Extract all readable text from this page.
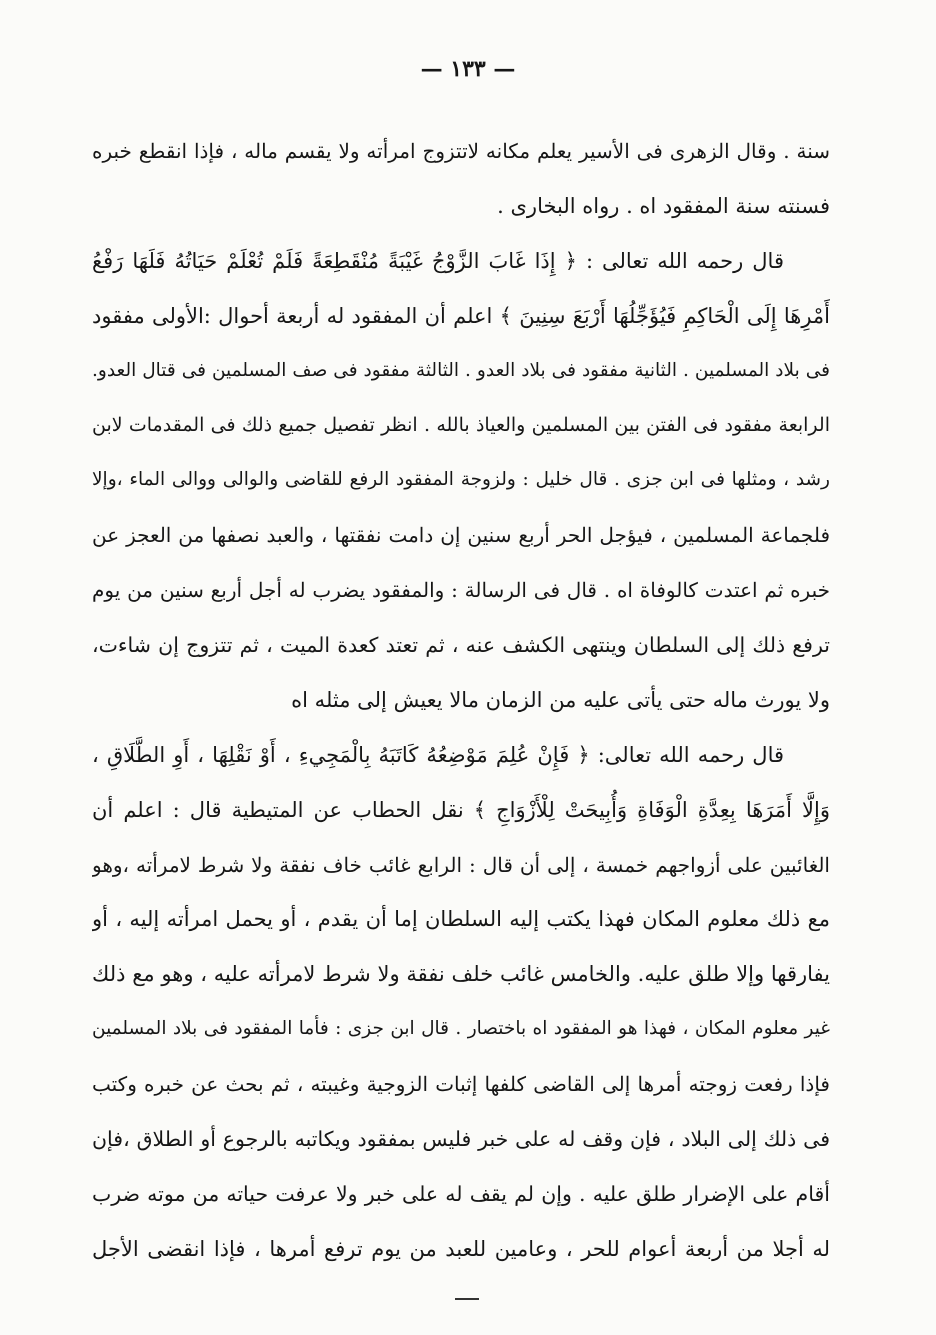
— ١٣٣ —
سنة . وقال الزهرى فى الأسير يعلم مكانه لاتتزوج امرأته ولا يقسم ماله ، فإذا انقطع خبره
فسنته سنة المفقود اه . رواه البخارى .
قال رحمه الله تعالى : ﴿ إِذَا غَابَ الزَّوْجُ غَيْبَةً مُنْقَطِعَةً فَلَمْ تُعْلَمْ حَيَاتُهُ فَلَهَا رَفْعُ
أَمْرِهَا إِلَى الْحَاكِمِ فَيُؤَجِّلُهَا أَرْبَعَ سِنِينَ ﴾ اعلم أن المفقود له أربعة أحوال :الأولى مفقود
فى بلاد المسلمين . الثانية مفقود فى بلاد العدو . الثالثة مفقود فى صف المسلمين فى قتال العدو.
الرابعة مفقود فى الفتن بين المسلمين والعياذ بالله . انظر تفصيل جميع ذلك فى المقدمات لابن
رشد ، ومثلها فى ابن جزى . قال خليل : ولزوجة المفقود الرفع للقاضى والوالى ووالى الماء ،وإلا
فلجماعة المسلمين ، فيؤجل الحر أربع سنين إن دامت نفقتها ، والعبد نصفها من العجز عن
خبره ثم اعتدت كالوفاة اه . قال فى الرسالة : والمفقود يضرب له أجل أربع سنين من يوم
ترفع ذلك إلى السلطان وينتهى الكشف عنه ، ثم تعتد كعدة الميت ، ثم تتزوج إن شاءت،
ولا يورث ماله حتى يأتى عليه من الزمان مالا يعيش إلى مثله اه
قال رحمه الله تعالى: ﴿ فَإِنْ عُلِمَ مَوْضِعُهُ كَاتَبَهُ بِالْمَجِيءِ ، أَوْ نَقْلِهَا ، أَوِ الطَّلَاقِ ،
وَإِلَّا أَمَرَهَا بِعِدَّةِ الْوَفَاةِ وَأُبِيحَتْ لِلْأَزْوَاجِ ﴾ نقل الحطاب عن المتيطية قال : اعلم أن
الغائبين على أزواجهم خمسة ، إلى أن قال : الرابع غائب خاف نفقة ولا شرط لامرأته ،وهو
مع ذلك معلوم المكان فهذا يكتب إليه السلطان إما أن يقدم ، أو يحمل امرأته إليه ، أو
يفارقها وإلا طلق عليه. والخامس غائب خلف نفقة ولا شرط لامرأته عليه ، وهو مع ذلك
غير معلوم المكان ، فهذا هو المفقود اه باختصار . قال ابن جزى : فأما المفقود فى بلاد المسلمين
فإذا رفعت زوجته أمرها إلى القاضى كلفها إثبات الزوجية وغيبته ، ثم بحث عن خبره وكتب
فى ذلك إلى البلاد ، فإن وقف له على خبر فليس بمفقود ويكاتبه بالرجوع أو الطلاق ،فإن
أقام على الإضرار طلق عليه . وإن لم يقف له على خبر ولا عرفت حياته من موته ضرب
له أجلا من أربعة أعوام للحر ، وعامين للعبد من يوم ترفع أمرها ، فإذا انقضى الأجل
